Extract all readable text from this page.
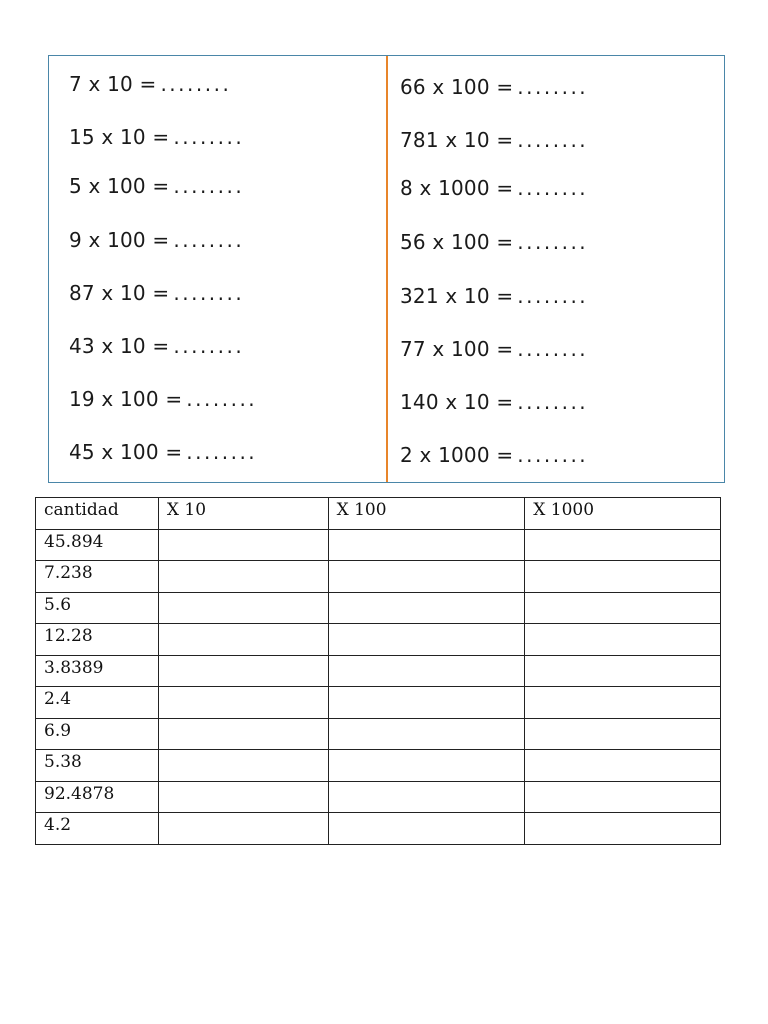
7 x 10 = ........
15 x 10 = ........
5 x 100 = ........
9 x 100 = ........
87 x 10 = ........
43 x 10 = ........
19 x 100 = ........
45 x 100 = ........
66 x 100 = ........
781 x 10 = ........
8 x 1000 = ........
56 x 100 = ........
321 x 10 = ........
77 x 100 = ........
140 x 10 = ........
2 x 1000 = ........
cantidad	X 10	X 100	X 1000
45.894			
7.238			
5.6			
12.28			
3.8389			
2.4			
6.9			
5.38			
92.4878			
4.2			
